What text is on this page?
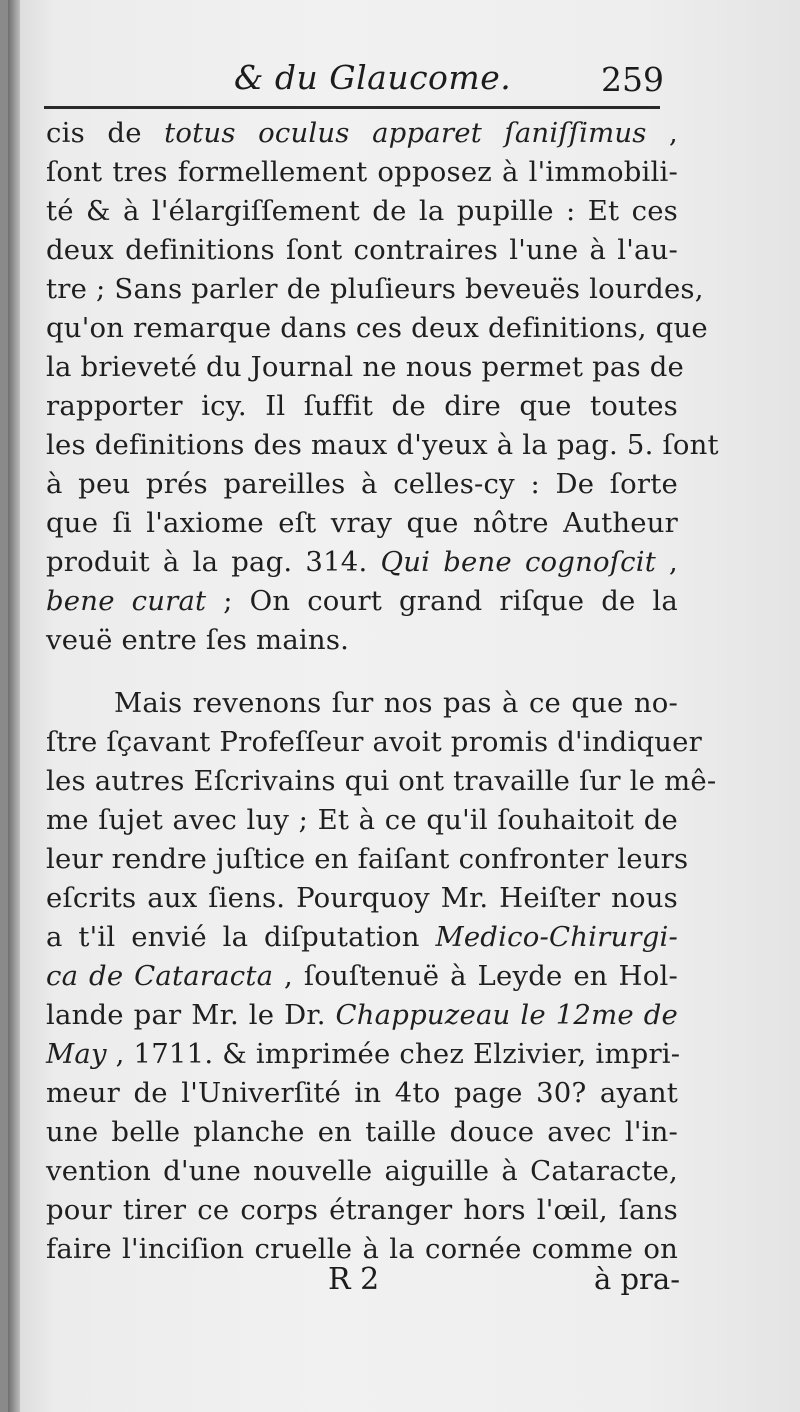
& du Glaucome.	259
cis de totus oculus apparet ſaniſſimus ,
ſont tres formellement opposez à l'immobili-
té & à l'élargiſſement de la pupille : Et ces
deux definitions ſont contraires l'une à l'au-
tre ; Sans parler de pluſieurs beveuës lourdes,
qu'on remarque dans ces deux definitions, que
la brieveté du Journal ne nous permet pas de
rapporter icy. Il ſuffit de dire que toutes
les definitions des maux d'yeux à la pag. 5. ſont
à peu prés pareilles à celles-cy : De ſorte
que ſi l'axiome eſt vray que nôtre Autheur
produit à la pag. 314. Qui bene cognoſcit ,
bene curat ; On court grand riſque de la
veuë entre ſes mains.
Mais revenons ſur nos pas à ce que no-
ſtre ſçavant Profeſſeur avoit promis d'indiquer
les autres Eſcrivains qui ont travaille ſur le mê-
me ſujet avec luy ; Et à ce qu'il ſouhaitoit de
leur rendre juſtice en faiſant confronter leurs
eſcrits aux ſiens. Pourquoy Mr. Heiſter nous
a t'il envié la diſputation Medico-Chirurgi-
ca de Cataracta , ſouſtenuë à Leyde en Hol-
lande par Mr. le Dr. Chappuzeau le 12me de
May , 1711. & imprimée chez Elzivier, impri-
meur de l'Univerſité in 4to page 30? ayant
une belle planche en taille douce avec l'in-
vention d'une nouvelle aiguille à Cataracte,
pour tirer ce corps étranger hors l'œil, ſans
faire l'inciſion cruelle à la cornée comme on
R 2	à pra-
